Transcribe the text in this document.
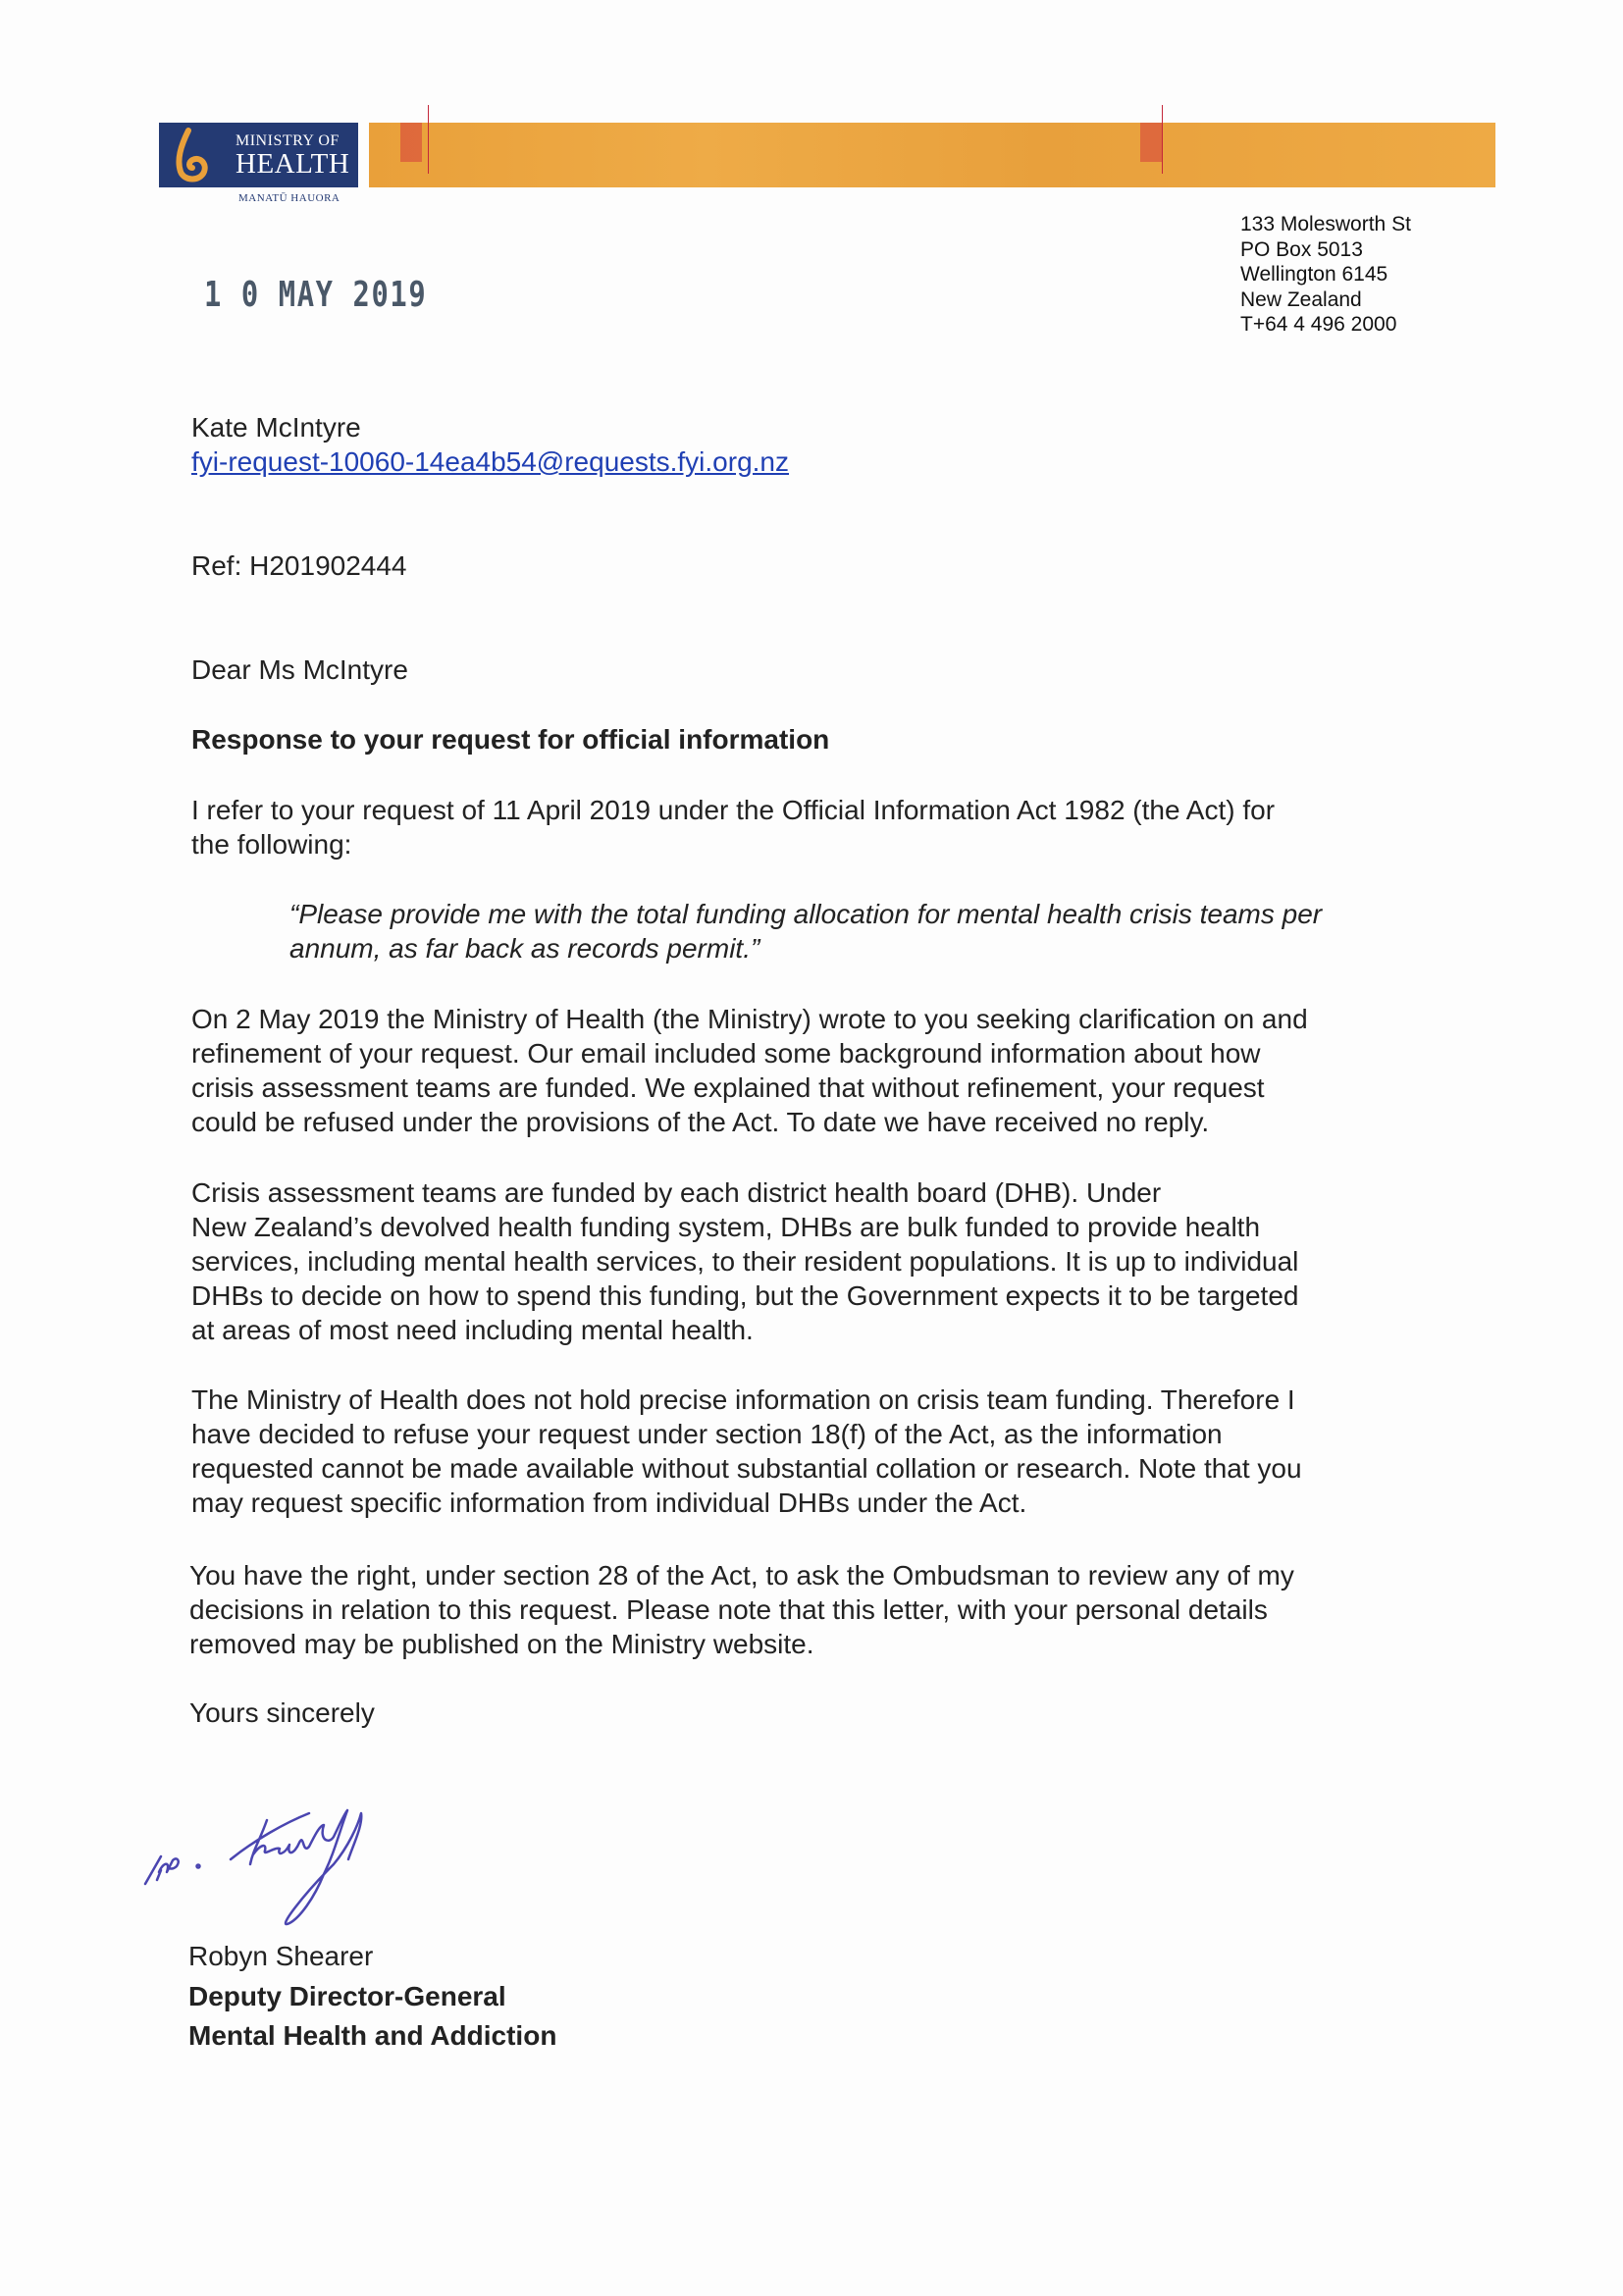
MINISTRY OF
HEALTH
MANATŪ HAUORA
133 Molesworth St
PO Box 5013
Wellington 6145
New Zealand
T+64 4 496 2000
1 0 MAY 2019
Kate McIntyre
fyi-request-10060-14ea4b54@requests.fyi.org.nz
Ref: H201902444
Dear Ms McIntyre
Response to your request for official information
I refer to your request of 11 April 2019 under the Official Information Act 1982 (the Act) for
the following:
“Please provide me with the total funding allocation for mental health crisis teams per
annum, as far back as records permit.”
On 2 May 2019 the Ministry of Health (the Ministry) wrote to you seeking clarification on and
refinement of your request. Our email included some background information about how
crisis assessment teams are funded. We explained that without refinement, your request
could be refused under the provisions of the Act. To date we have received no reply.
Crisis assessment teams are funded by each district health board (DHB). Under
New Zealand’s devolved health funding system, DHBs are bulk funded to provide health
services, including mental health services, to their resident populations. It is up to individual
DHBs to decide on how to spend this funding, but the Government expects it to be targeted
at areas of most need including mental health.
The Ministry of Health does not hold precise information on crisis team funding. Therefore I
have decided to refuse your request under section 18(f) of the Act, as the information
requested cannot be made available without substantial collation or research. Note that you
may request specific information from individual DHBs under the Act.
You have the right, under section 28 of the Act, to ask the Ombudsman to review any of my
decisions in relation to this request. Please note that this letter, with your personal details
removed may be published on the Ministry website.
Yours sincerely
Robyn Shearer
Deputy Director-General
Mental Health and Addiction
